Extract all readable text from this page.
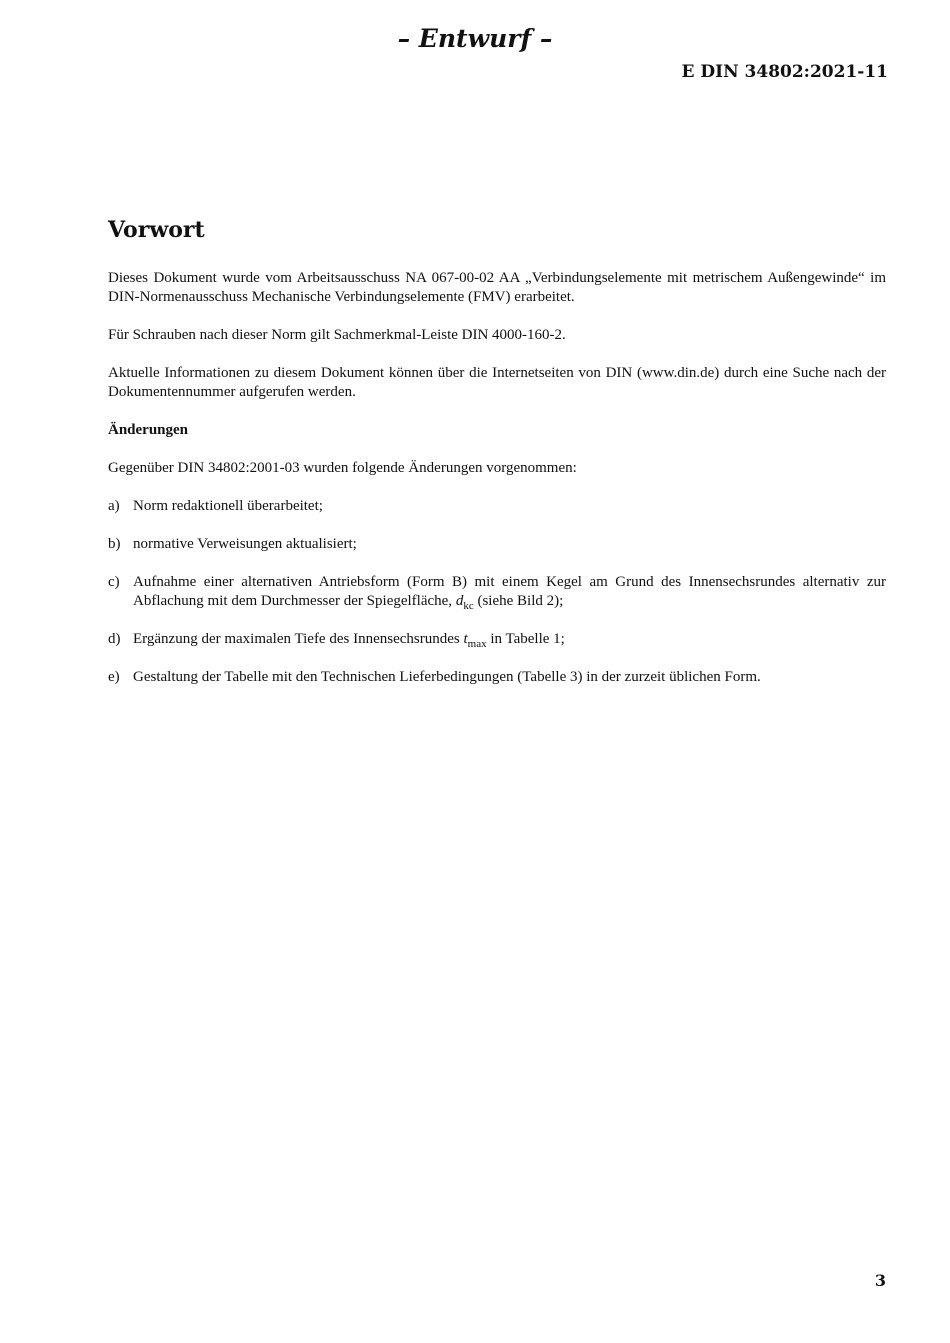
– Entwurf –
E DIN 34802:2021-11
Vorwort

Dieses Dokument wurde vom Arbeitsausschuss NA 067-00-02 AA „Verbindungselemente mit metrischem Außengewinde“ im DIN-Normenausschuss Mechanische Verbindungselemente (FMV) erarbeitet.

Für Schrauben nach dieser Norm gilt Sachmerkmal-Leiste DIN 4000-160-2.

Aktuelle Informationen zu diesem Dokument können über die Internetseiten von DIN (www.din.de) durch eine Suche nach der Dokumentennummer aufgerufen werden.

Änderungen

Gegenüber DIN 34802:2001-03 wurden folgende Änderungen vorgenommen:

a) Norm redaktionell überarbeitet;
b) normative Verweisungen aktualisiert;
c) Aufnahme einer alternativen Antriebsform (Form B) mit einem Kegel am Grund des Innensechsrundes alternativ zur Abflachung mit dem Durchmesser der Spiegelfläche, $d_{kc}$ (siehe Bild 2);
d) Ergänzung der maximalen Tiefe des Innensechsrundes $t_{max}$ in Tabelle 1;
e) Gestaltung der Tabelle mit den Technischen Lieferbedingungen (Tabelle 3) in der zurzeit üblichen Form.
3
